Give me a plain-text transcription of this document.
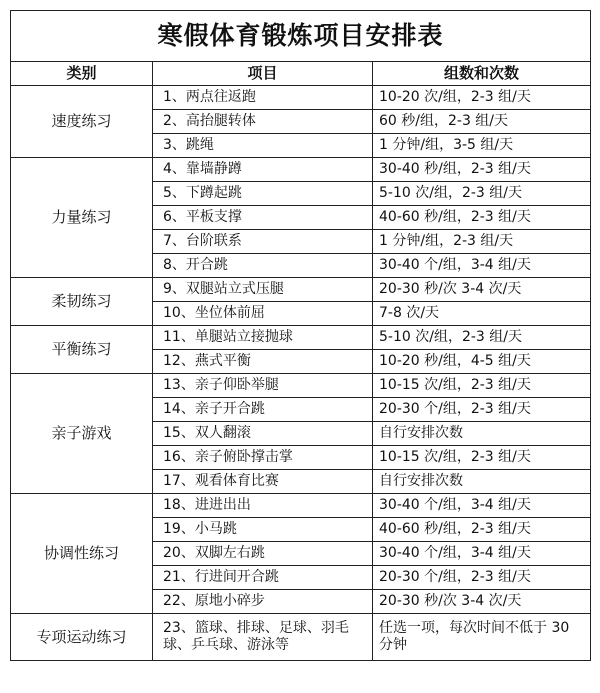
寒假体育锻炼项目安排表		
类别	项目	组数和次数
速度练习	1、两点往返跑	10-20 次/组，2-3 组/天
	2、高抬腿转体	60 秒/组，2-3 组/天
	3、跳绳	1 分钟/组，3-5 组/天
力量练习	4、靠墙静蹲	30-40 秒/组，2-3 组/天
	5、下蹲起跳	5-10 次/组，2-3 组/天
	6、平板支撑	40-60 秒/组，2-3 组/天
	7、台阶联系	1 分钟/组，2-3 组/天
	8、开合跳	30-40 个/组，3-4 组/天
柔韧练习	9、双腿站立式压腿	20-30 秒/次 3-4 次/天
	10、坐位体前屈	7-8 次/天
平衡练习	11、单腿站立接抛球	5-10 次/组，2-3 组/天
	12、燕式平衡	10-20 秒/组，4-5 组/天
亲子游戏	13、亲子仰卧举腿	10-15 次/组，2-3 组/天
	14、亲子开合跳	20-30 个/组，2-3 组/天
	15、双人翻滚	自行安排次数
	16、亲子俯卧撑击掌	10-15 次/组，2-3 组/天
	17、观看体育比赛	自行安排次数
协调性练习	18、进进出出	30-40 个/组，3-4 组/天
	19、小马跳	40-60 秒/组，2-3 组/天
	20、双脚左右跳	30-40 个/组，3-4 组/天
	21、行进间开合跳	20-30 个/组，2-3 组/天
	22、原地小碎步	20-30 秒/次 3-4 次/天
专项运动练习	23、篮球、排球、足球、羽毛球、乒乓球、游泳等	任选一项，每次时间不低于 30 分钟
